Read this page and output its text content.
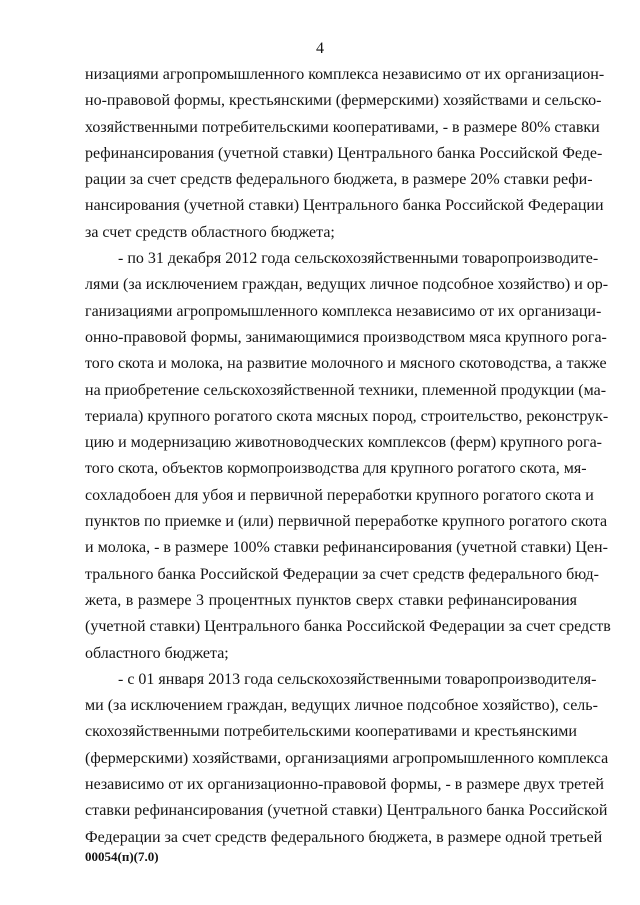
4
низациями агропромышленного комплекса независимо от их организацион-
но-правовой формы, крестьянскими (фермерскими) хозяйствами и сельско-
хозяйственными потребительскими кооперативами, - в размере 80% ставки
рефинансирования (учетной ставки) Центрального банка Российской Феде-
рации за счет средств федерального бюджета, в размере 20% ставки рефи-
нансирования (учетной ставки) Центрального банка Российской Федерации
за счет средств областного бюджета;
- по 31 декабря 2012 года сельскохозяйственными товаропроизводите-
лями (за исключением граждан, ведущих личное подсобное хозяйство) и ор-
ганизациями агропромышленного комплекса независимо от их организаци-
онно-правовой формы, занимающимися производством мяса крупного рога-
того скота и молока, на развитие молочного и мясного скотоводства, а также
на приобретение сельскохозяйственной техники, племенной продукции (ма-
териала) крупного рогатого скота мясных пород, строительство, реконструк-
цию и модернизацию животноводческих комплексов (ферм) крупного рога-
того скота, объектов кормопроизводства для крупного рогатого скота, мя-
сохладобоен для убоя и первичной переработки крупного рогатого скота и
пунктов по приемке и (или) первичной переработке крупного рогатого скота
и молока, - в размере 100% ставки рефинансирования (учетной ставки) Цен-
трального банка Российской Федерации за счет средств федерального бюд-
жета, в размере 3 процентных пунктов сверх ставки рефинансирования
(учетной ставки) Центрального банка Российской Федерации за счет средств
областного бюджета;
- с 01 января 2013 года сельскохозяйственными товаропроизводителя-
ми (за исключением граждан, ведущих личное подсобное хозяйство), сель-
скохозяйственными потребительскими кооперативами и крестьянскими
(фермерскими) хозяйствами, организациями агропромышленного комплекса
независимо от их организационно-правовой формы, - в размере двух третей
ставки рефинансирования (учетной ставки) Центрального банка Российской
Федерации за счет средств федерального бюджета, в размере одной третьей
00054(п)(7.0)
